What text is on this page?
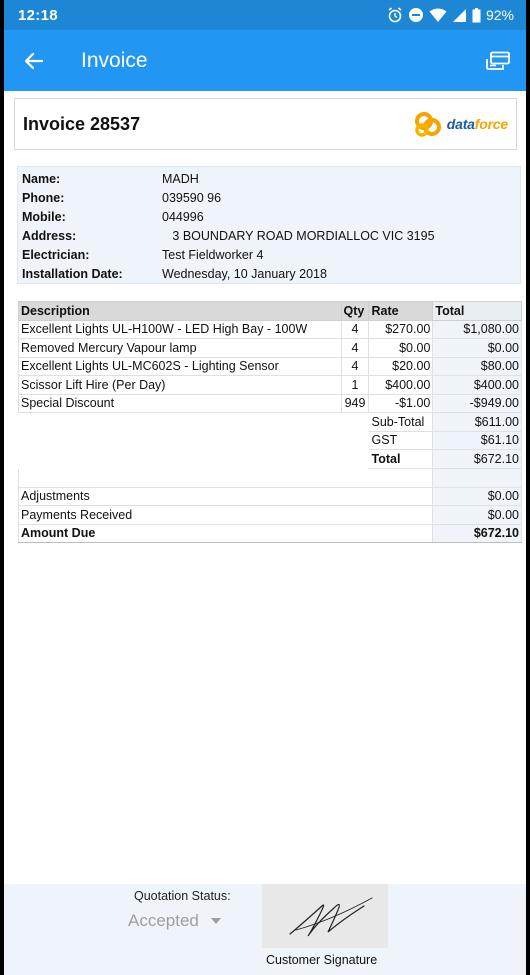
12:18	92%
Invoice
Invoice 28537	dataforce
Name:	MADH
Phone:	039590 96
Mobile:	044996
Address:	3 BOUNDARY ROAD MORDIALLOC VIC 3195
Electrician:	Test Fieldworker 4
Installation Date:	Wednesday, 10 January 2018
Description	Qty	Rate	Total
Excellent Lights UL-H100W - LED High Bay - 100W	4	$270.00	$1,080.00
Removed Mercury Vapour lamp	4	$0.00	$0.00
Excellent Lights UL-MC602S - Lighting Sensor	4	$20.00	$80.00
Scissor Lift Hire (Per Day)	1	$400.00	$400.00
Special Discount	949	-$1.00	-$949.00
		Sub-Total	$611.00
		GST	$61.10
		Total	$672.10

Adjustments			$0.00
Payments Received			$0.00
Amount Due			$672.10
Quotation Status:
Accepted
Customer Signature
